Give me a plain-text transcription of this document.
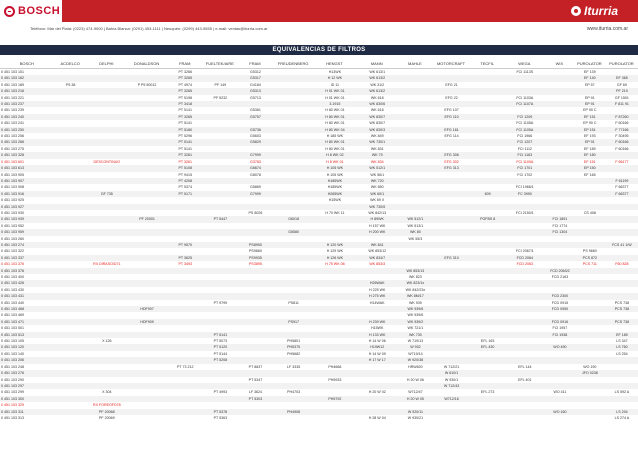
BOSCH	Iturria
Teléfono: Mar del Plata: (0223) 474-9000 | Bahía Blanca: (0291) 453-1111 | Neuquén: (0299) 443-5555 | e-mail: ventas@iturria.com.ar	www.iturria.com.ar
EQUIVALENCIAS DE FILTROS
BOSCH	ACDELCO	DELPHI	DONALDSON	FRAM	FUELTEK/AIRE	FRAM	FREUDENBERG	HENGST	MANN	MAHLE	MOTORCRAFT	TECFIL	WEGA	WIX	PUROLATOR	PUROLATOR
0 451 103 151				PT 3266		G5312		H13WK	WK 613/1				FCI 1113S		EF 139	
0 451 103 162				PT 3265		G5317		H 12 WK	WK 613/2						EF 140	EF 365
0 451 103 189	P5 38		P P5 50012	PT 4974	PF 149	G4184		ID 11	WK 31/2		EFG 21				EP 57	GF 69
0 451 103 216				PT 3265		G5313		H 01 WK 01	WK 613/2							PF 219
0 451 103 221				PT 5198	PF 5232	G5713		H 01 WK 01	WK 618		EFG 22		FCI 1103A		EP 91	GF 1501
0 451 103 237				PT 3418				3.1915	WK 830/6				FCI 1107A		EP 91	F 811 91
0 451 103 239				PT 5141		G5361		H 80 WK 01	WK 618		EFG 107				EP 90 C	
0 451 103 240				PT 3265		G5757		H 80 WK 01	WK 830/7		EFG 110		FCI 1209		EF 151	F 87260
0 451 103 241				PT 5141				H 80 WK 01	WK 830/7				FCI 1105A		EP 90 C	F 60166
0 451 103 250				PT 5180		G5736		H 80 WK 04	WK 830/3		EFG 161		FCI 1105A		EP 151	F 77166
0 451 103 256				PT 5296		G5603		H 185 WK	WK 849		EFG 114		FCI 1966		EF 193	F 30495
0 451 103 266				PT 5141		G5829		H 80 WK 01	WK 730/1				FCI 1207		EP 91	F 60166
0 451 103 275				PT 5141				H 80 WK 01	WK 831				FCI 1112		EF 189	F 60166
0 451 103 328				PT 3261		G7999		H 8 WK 02	WK 79		EFG 306		FCI 1163		EF 180	
0 451 103 601		DESCONTINUO		PT 3261		G3783		H 8 WK 01	WK 834		EFG 302		FCI 1109A		EF 151	F 66177
0 451 103 613				PT 5108		G6674		H 105 WK	WK 512/1		EFG 313		FCI 1701		EP 150	
0 451 103 905				PT 9415		G8078		H 105 WK	WK 56/1				FCI 1702		EF 165	
0 451 103 907				PT 4208				H185WK	WK 720							F 61199
0 451 103 908				PT 5374		G5869		H185WK	WK 850				FCI 1966/1			F 66377
0 451 103 916		GF 735		PT 5171		G7999		H265WK	WK 60/1			609	FC 3990			F 66377
0 451 103 925								H15WK	WK 69 X							
0 451 103 927									WK 730/5							
0 451 103 930						PS 8026		H 70 WK 11	WK 842/13				FCI 2150/1		CS 408	
0 451 103 939			PF 20001		PT 5447		G6018		H 89WK	WK 512/1		PGFBS 8		FCI 1891		
0 451 103 952									H 157 WK	WK 513/1				FCI 1774		
0 451 103 959							G5580		H 200 WK	WK 80				FCI 1304		
0 451 103 260										WK 55/3						
0 451 103 274				PT 9570		PS8950		H 120 WK	WK 841							FCS 41 1/W
0 451 103 322						PS9660		H 129 WK	WK 853/12				FCI 2067/1		PS 9660	
0 451 103 337				PT 3625		PS9935		H 126 WK	WK 834/7		EFG 310		FCD 2064		PCS 872	
0 451 103 376		RX DIRASO/D71		PT 3493		PS3895		H 75 WK 08	WK 853/3				FCD 2063		PCS 711	F60 828
0 451 103 376										WK 853/13				FCD 2063/2		
0 451 103 400										WK 823				FCD 2163		
0 451 103 426									H26WAK	WK 823/1x						
0 451 103 430									H 225 WK	WK 842/23x						
0 451 103 431									H 275 WK	WK 8M/17				FCD 2300		
0 451 103 440					PT 9799		PS811		H14WAK	WK 939				FCD 0915		PCS 738
0 451 103 468			HDF907							WK 939/6				FCD 0950		PCS 738
0 451 103 469										WK 939/6						
0 451 103 471			HDF909				PS917		H 239 WK	WK 939/2				FCD 0916		PCS 738
0 451 103 501									H15WK	WK 721/1				FCI 1957		
0 451 103 513					PT 5141				H 133 WK	WK 730				FCI 1938		EF 189
0 451 103 105		X 126			PT 5073		PH5801		H 14 W 06	W 719/13		EFL 163				LS 347
0 451 103 120					PT 5120		PH5375		H19W12	W 932		EFL 430		WO 490		LS 760
0 451 103 140					PT 5144		PH5682		H 14 W 09	W719/14						LS 254
0 451 103 206					PT 5208				H 17 W 17	W 920/38						
0 451 103 248				PT 73 212		PT 8837	LF 3335	PH4668		HRW820	W 712/21		EFL 144		WO 190	
0 451 103 276											W 610/1				JFO 0238	
0 451 103 290						PT 5347		PH5933		H 20 W 06	W 930/1		EFL 401			
0 451 103 297											W 712/43					
0 451 103 299		X 304			PT 4993	LF 3624	PH4703		H 20 W 02	W712/47		EFL 273		WO 411		LS 592 A
0 451 103 300						PT 5303		PH5792		H 20 W 05	W712/16					
0 451 103 329		RX FOREOFD78														
0 451 103 311		PF 20068			PT 5378		PH4908			W 920/11				WO 160		LS 294
0 451 103 313		PF 20069			PT 5363				H 28 W 04	W 930/21						LS 274 A
